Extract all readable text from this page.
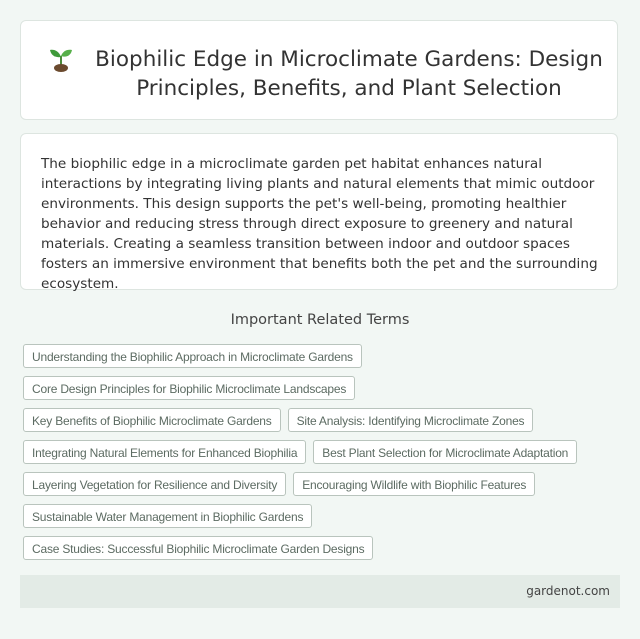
Biophilic Edge in Microclimate Gardens: Design Principles, Benefits, and Plant Selection

The biophilic edge in a microclimate garden pet habitat enhances natural interactions by integrating living plants and natural elements that mimic outdoor environments. This design supports the pet's well-being, promoting healthier behavior and reducing stress through direct exposure to greenery and natural materials. Creating a seamless transition between indoor and outdoor spaces fosters an immersive environment that benefits both the pet and the surrounding ecosystem.

Important Related Terms
Understanding the Biophilic Approach in Microclimate Gardens
Core Design Principles for Biophilic Microclimate Landscapes
Key Benefits of Biophilic Microclimate Gardens	Site Analysis: Identifying Microclimate Zones
Integrating Natural Elements for Enhanced Biophilia	Best Plant Selection for Microclimate Adaptation
Layering Vegetation for Resilience and Diversity	Encouraging Wildlife with Biophilic Features
Sustainable Water Management in Biophilic Gardens
Case Studies: Successful Biophilic Microclimate Garden Designs
gardenot.com
